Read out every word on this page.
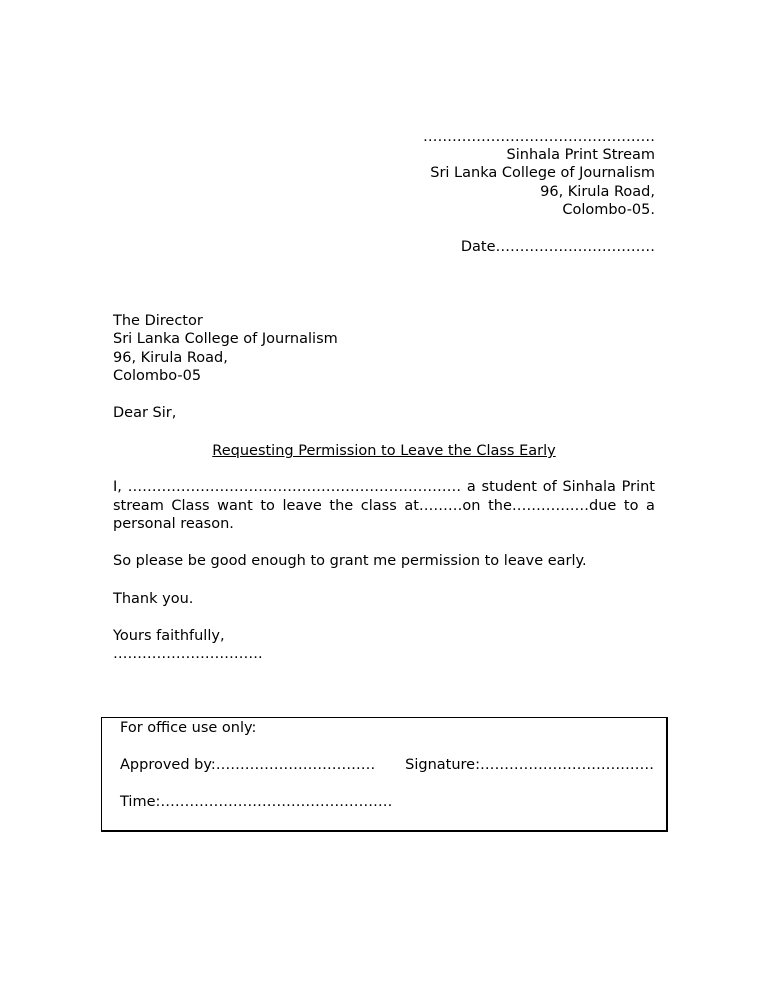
…………………………………………
Sinhala Print Stream
Sri Lanka College of Journalism
96, Kirula Road,
Colombo-05.
Date……………………………
The Director
Sri Lanka College of Journalism
96, Kirula Road,
Colombo-05
Dear Sir,
Requesting Permission to Leave the Class Early
I, …………………………………………………………… a student of Sinhala Print
stream Class want to leave the class at………on the………….…due to a
personal reason.
So please be good enough to grant me permission to leave early.
Thank you.
Yours faithfully,
………………………….
For office use only:
Approved by:…………………………… Signature:………………………………
Time:…………………………………………
